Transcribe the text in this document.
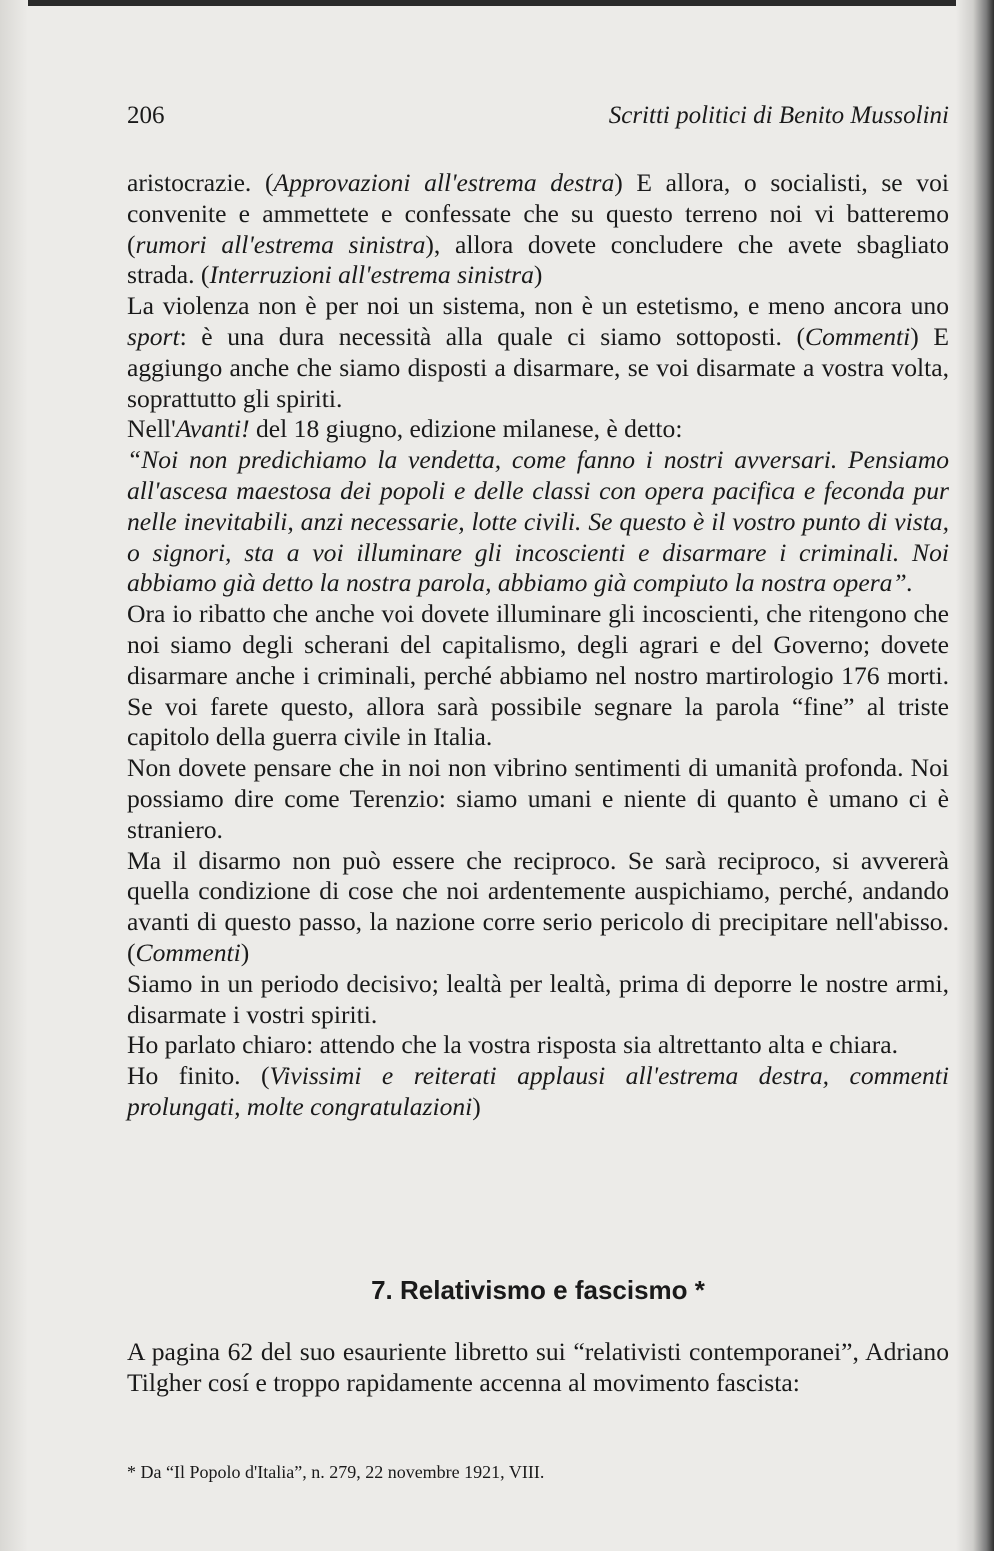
206	Scritti politici di Benito Mussolini

aristocrazie. (Approvazioni all'estrema destra) E allora, o socialisti, se voi convenite e ammettete e confessate che su questo terreno noi vi batteremo (rumori all'estrema sinistra), allora dovete concludere che avete sbagliato strada. (Interruzioni all'estrema sinistra)

La violenza non è per noi un sistema, non è un estetismo, e meno ancora uno sport: è una dura necessità alla quale ci siamo sottoposti. (Commenti) E aggiungo anche che siamo disposti a disarmare, se voi disarmate a vostra volta, soprattutto gli spiriti.

Nell'Avanti! del 18 giugno, edizione milanese, è detto:

“Noi non predichiamo la vendetta, come fanno i nostri avversari. Pensiamo all'ascesa maestosa dei popoli e delle classi con opera pacifica e feconda pur nelle inevitabili, anzi necessarie, lotte civili. Se questo è il vostro punto di vista, o signori, sta a voi illuminare gli incoscienti e disarmare i criminali. Noi abbiamo già detto la nostra parola, abbiamo già compiuto la nostra opera”.

Ora io ribatto che anche voi dovete illuminare gli incoscienti, che ritengono che noi siamo degli scherani del capitalismo, degli agrari e del Governo; dovete disarmare anche i criminali, perché abbiamo nel nostro martirologio 176 morti. Se voi farete questo, allora sarà possibile segnare la parola “fine” al triste capitolo della guerra civile in Italia.

Non dovete pensare che in noi non vibrino sentimenti di umanità profonda. Noi possiamo dire come Terenzio: siamo umani e niente di quanto è umano ci è straniero.

Ma il disarmo non può essere che reciproco. Se sarà reciproco, si avvererà quella condizione di cose che noi ardentemente auspichiamo, perché, andando avanti di questo passo, la nazione corre serio pericolo di precipitare nell'abisso. (Commenti)

Siamo in un periodo decisivo; lealtà per lealtà, prima di deporre le nostre armi, disarmate i vostri spiriti.

Ho parlato chiaro: attendo che la vostra risposta sia altrettanto alta e chiara.

Ho finito. (Vivissimi e reiterati applausi all'estrema destra, commenti prolungati, molte congratulazioni)

7. Relativismo e fascismo *
A pagina 62 del suo esauriente libretto sui “relativisti contemporanei”, Adriano Tilgher cosí e troppo rapidamente accenna al movimento fascista:
* Da “Il Popolo d'Italia”, n. 279, 22 novembre 1921, VIII.
